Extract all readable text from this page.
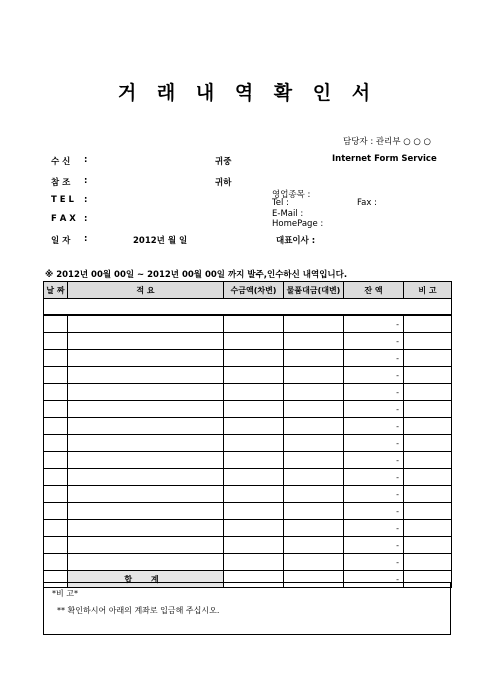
거 래 내 역 확 인 서
담당자 : 관리부 ○ ○ ○
수 신 :	귀중
참 조 :	귀하
T E L :
F A X :
일 자 :	2012년 월 일
Internet Form Service
영업종목 :
Tel :	Fax :
E-Mail :
HomePage :
대표이사 :
※ 2012년 00월 00일 ~ 2012년 00월 00일 까지 발주,인수하신 내역입니다.
날 짜	적 요	수금액(차변)	물품대금(대변)	잔 액	비 고

				-	
				-	
				-	
				-	
				-	
				-	
				-	
				-	
				-	
				-	
				-	
				-	
				-	
				-	
				-	
	합 계			-	
*비 고*
** 확인하시어 아래의 계좌로 입금해 주십시오.
